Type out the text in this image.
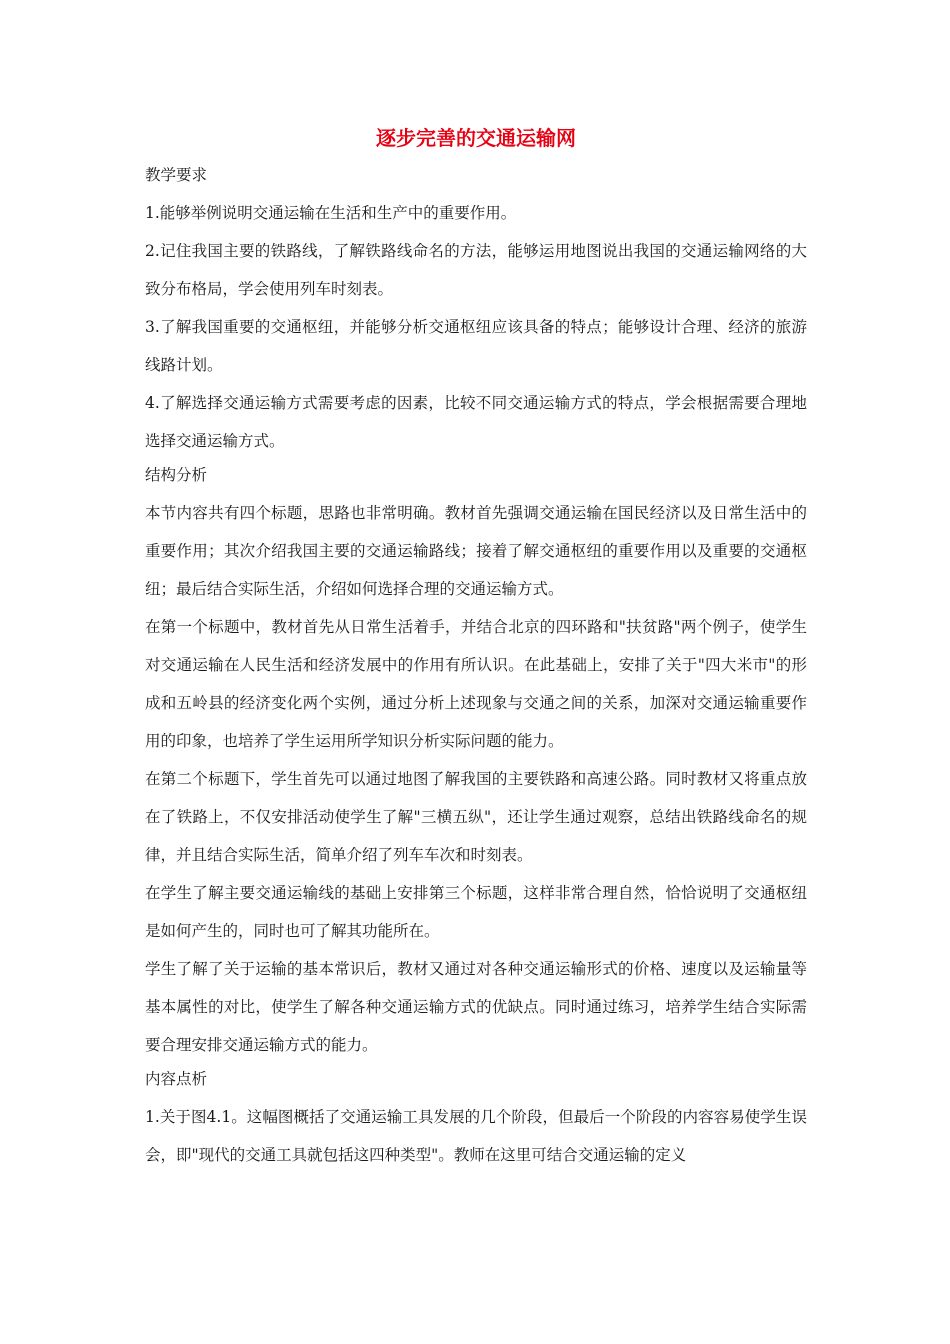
逐步完善的交通运输网
教学要求

1.能够举例说明交通运输在生活和生产中的重要作用。

2.记住我国主要的铁路线，了解铁路线命名的方法，能够运用地图说出我国的交通运输网络的大致分布格局，学会使用列车时刻表。

3.了解我国重要的交通枢纽，并能够分析交通枢纽应该具备的特点；能够设计合理、经济的旅游线路计划。

4.了解选择交通运输方式需要考虑的因素，比较不同交通运输方式的特点，学会根据需要合理地选择交通运输方式。

结构分析

本节内容共有四个标题，思路也非常明确。教材首先强调交通运输在国民经济以及日常生活中的重要作用；其次介绍我国主要的交通运输路线；接着了解交通枢纽的重要作用以及重要的交通枢纽；最后结合实际生活，介绍如何选择合理的交通运输方式。

在第一个标题中，教材首先从日常生活着手，并结合北京的四环路和"扶贫路"两个例子，使学生对交通运输在人民生活和经济发展中的作用有所认识。在此基础上，安排了关于"四大米市"的形成和五岭县的经济变化两个实例，通过分析上述现象与交通之间的关系，加深对交通运输重要作用的印象，也培养了学生运用所学知识分析实际问题的能力。

在第二个标题下，学生首先可以通过地图了解我国的主要铁路和高速公路。同时教材又将重点放在了铁路上，不仅安排活动使学生了解"三横五纵"，还让学生通过观察，总结出铁路线命名的规律，并且结合实际生活，简单介绍了列车车次和时刻表。

在学生了解主要交通运输线的基础上安排第三个标题，这样非常合理自然，恰恰说明了交通枢纽是如何产生的，同时也可了解其功能所在。

学生了解了关于运输的基本常识后，教材又通过对各种交通运输形式的价格、速度以及运输量等基本属性的对比，使学生了解各种交通运输方式的优缺点。同时通过练习，培养学生结合实际需要合理安排交通运输方式的能力。

内容点析

1.关于图4.1。这幅图概括了交通运输工具发展的几个阶段，但最后一个阶段的内容容易使学生误会，即"现代的交通工具就包括这四种类型"。教师在这里可结合交通运输的定义
